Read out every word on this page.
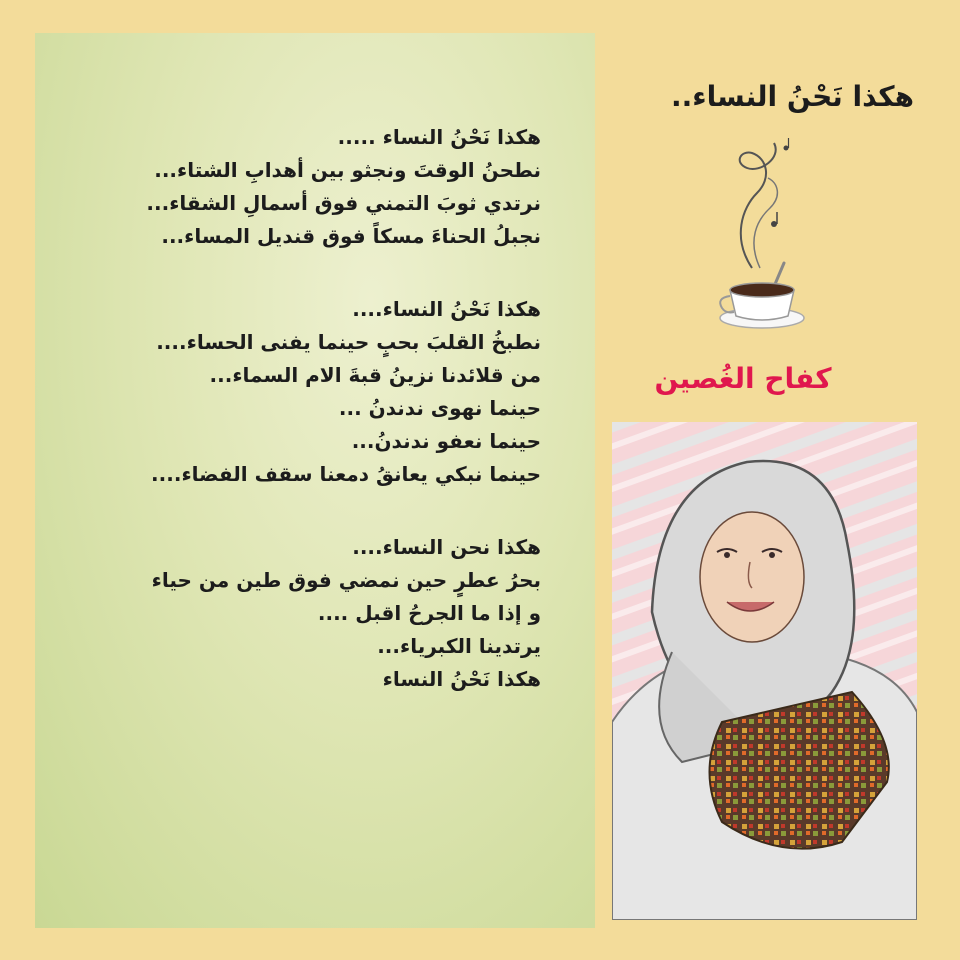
هكذا نَحْنُ النساء .....
نطحنُ الوقتَ ونجثو بين أهدابِ الشتاء...
نرتدي ثوبَ التمني فوق أسمالِ الشقاء...
نجبلُ الحناءَ مسكاً فوق قنديل المساء...
هكذا نَحْنُ النساء....
نطبخُ القلبَ بحبٍ حينما يفنى الحساء....
من قلائدنا نزينُ قبةَ الام السماء...
حينما نهوى ندندنُ ...
حينما نعفو ندندنُ...
حينما نبكي يعانقُ دمعنا سقف الفضاء....
هكذا نحن النساء....
بحرُ عطرٍ حين نمضي فوق طين من حياء
و إذا ما الجرحُ اقبل ....
يرتدينا الكبرياء...
هكذا نَحْنُ النساء
هكذا نَحْنُ النساء..
كفاح الغُصين
